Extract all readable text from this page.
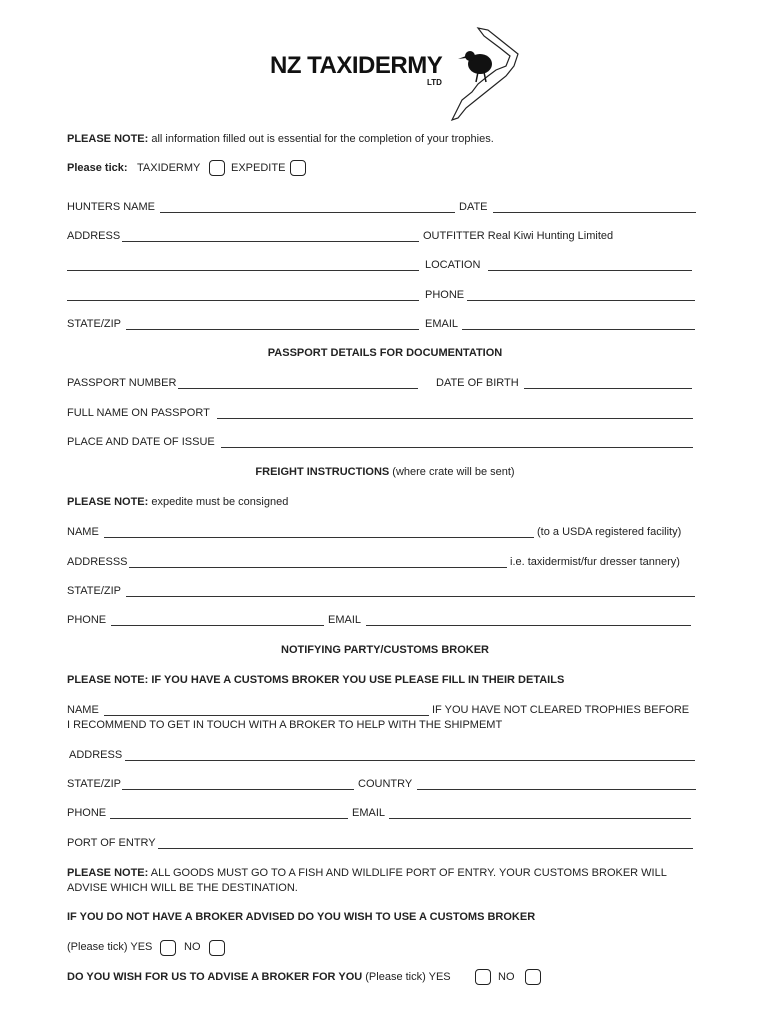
NZ TAXIDERMY
LTD
PLEASE NOTE: all information filled out is essential for the completion of your trophies.
Please tick: TAXIDERMY	EXPEDITE
HUNTERS NAME	DATE
ADDRESS	OUTFITTER Real Kiwi Hunting Limited
LOCATION
PHONE
STATE/ZIP	EMAIL
PASSPORT DETAILS FOR DOCUMENTATION
PASSPORT NUMBER	DATE OF BIRTH
FULL NAME ON PASSPORT
PLACE AND DATE OF ISSUE
FREIGHT INSTRUCTIONS (where crate will be sent)
PLEASE NOTE: expedite must be consigned
NAME	(to a USDA registered facility)
ADDRESSS	i.e. taxidermist/fur dresser tannery)
STATE/ZIP
PHONE	EMAIL
NOTIFYING PARTY/CUSTOMS BROKER
PLEASE NOTE: IF YOU HAVE A CUSTOMS BROKER YOU USE PLEASE FILL IN THEIR DETAILS
NAME	IF YOU HAVE NOT CLEARED TROPHIES BEFORE
I RECOMMEND TO GET IN TOUCH WITH A BROKER TO HELP WITH THE SHIPMEMT
ADDRESS
STATE/ZIP	COUNTRY
PHONE	EMAIL
PORT OF ENTRY
PLEASE NOTE: ALL GOODS MUST GO TO A FISH AND WILDLIFE PORT OF ENTRY. YOUR CUSTOMS BROKER WILL
ADVISE WHICH WILL BE THE DESTINATION.
IF YOU DO NOT HAVE A BROKER ADVISED DO YOU WISH TO USE A CUSTOMS BROKER
(Please tick) YES	NO
DO YOU WISH FOR US TO ADVISE A BROKER FOR YOU (Please tick) YES	NO
